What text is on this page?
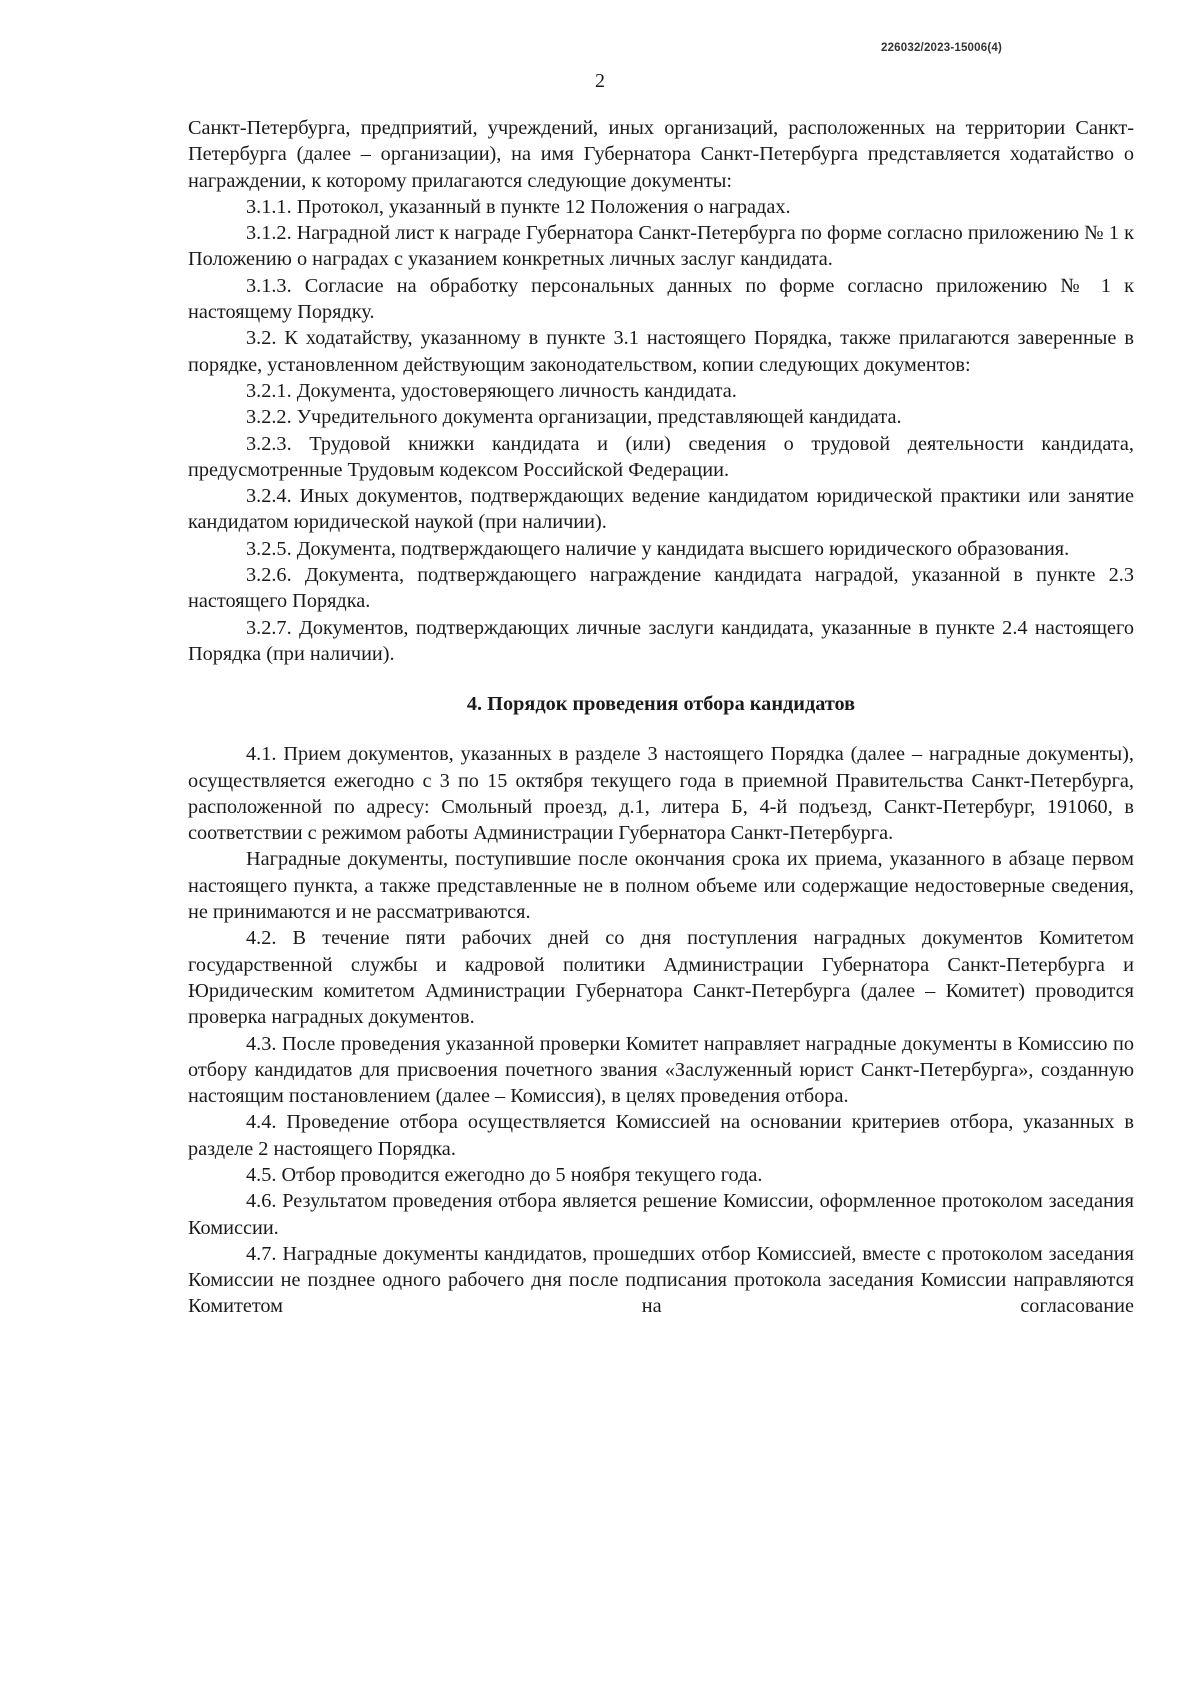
226032/2023-15006(4)
2

Санкт-Петербурга, предприятий, учреждений, иных организаций, расположенных на территории Санкт-Петербурга (далее – организации), на имя Губернатора Санкт-Петербурга представляется ходатайство о награждении, к которому прилагаются следующие документы:

3.1.1. Протокол, указанный в пункте 12 Положения о наградах.

3.1.2. Наградной лист к награде Губернатора Санкт-Петербурга по форме согласно приложению № 1 к Положению о наградах с указанием конкретных личных заслуг кандидата.

3.1.3. Согласие на обработку персональных данных по форме согласно приложению № 1 к настоящему Порядку.

3.2. К ходатайству, указанному в пункте 3.1 настоящего Порядка, также прилагаются заверенные в порядке, установленном действующим законодательством, копии следующих документов:

3.2.1. Документа, удостоверяющего личность кандидата.

3.2.2. Учредительного документа организации, представляющей кандидата.

3.2.3. Трудовой книжки кандидата и (или) сведения о трудовой деятельности кандидата, предусмотренные Трудовым кодексом Российской Федерации.

3.2.4. Иных документов, подтверждающих ведение кандидатом юридической практики или занятие кандидатом юридической наукой (при наличии).

3.2.5. Документа, подтверждающего наличие у кандидата высшего юридического образования.

3.2.6. Документа, подтверждающего награждение кандидата наградой, указанной в пункте 2.3 настоящего Порядка.

3.2.7. Документов, подтверждающих личные заслуги кандидата, указанные в пункте 2.4 настоящего Порядка (при наличии).

4. Порядок проведения отбора кандидатов

4.1. Прием документов, указанных в разделе 3 настоящего Порядка (далее – наградные документы), осуществляется ежегодно с 3 по 15 октября текущего года в приемной Правительства Санкт-Петербурга, расположенной по адресу: Смольный проезд, д.1, литера Б, 4-й подъезд, Санкт-Петербург, 191060, в соответствии с режимом работы Администрации Губернатора Санкт-Петербурга.

Наградные документы, поступившие после окончания срока их приема, указанного в абзаце первом настоящего пункта, а также представленные не в полном объеме или содержащие недостоверные сведения, не принимаются и не рассматриваются.

4.2. В течение пяти рабочих дней со дня поступления наградных документов Комитетом государственной службы и кадровой политики Администрации Губернатора Санкт-Петербурга и Юридическим комитетом Администрации Губернатора Санкт-Петербурга (далее – Комитет) проводится проверка наградных документов.

4.3. После проведения указанной проверки Комитет направляет наградные документы в Комиссию по отбору кандидатов для присвоения почетного звания «Заслуженный юрист Санкт-Петербурга», созданную настоящим постановлением (далее – Комиссия), в целях проведения отбора.

4.4. Проведение отбора осуществляется Комиссией на основании критериев отбора, указанных в разделе 2 настоящего Порядка.

4.5. Отбор проводится ежегодно до 5 ноября текущего года.

4.6. Результатом проведения отбора является решение Комиссии, оформленное протоколом заседания Комиссии.

4.7. Наградные документы кандидатов, прошедших отбор Комиссией, вместе с протоколом заседания Комиссии не позднее одного рабочего дня после подписания протокола заседания Комиссии направляются Комитетом на согласование
